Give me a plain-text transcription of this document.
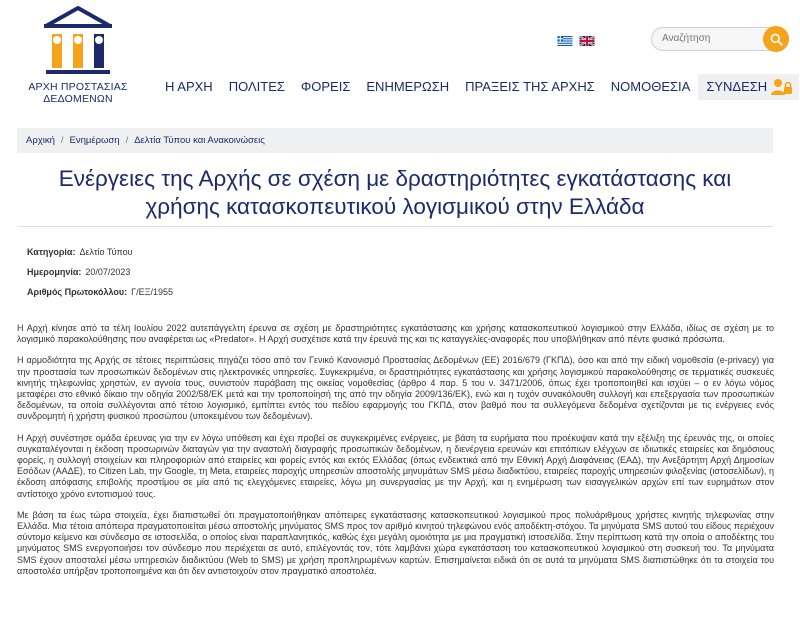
ΑΡΧΗ ΠΡΟΣΤΑΣΙΑΣ
ΔΕΔΟΜΕΝΩΝ
Αναζήτηση
Η ΑΡΧΗ	ΠΟΛΙΤΕΣ	ΦΟΡΕΙΣ	ΕΝΗΜΕΡΩΣΗ	ΠΡΑΞΕΙΣ ΤΗΣ ΑΡΧΗΣ	ΝΟΜΟΘΕΣΙΑ	ΣΥΝΔΕΣΗ
Αρχική / Ενημέρωση / Δελτία Τύπου και Ανακοινώσεις
Ενέργειες της Αρχής σε σχέση με δραστηριότητες εγκατάστασης και
χρήσης κατασκοπευτικού λογισμικού στην Ελλάδα
Κατηγορία: Δελτίο Τύπου
Ημερομηνία: 20/07/2023
Αριθμός Πρωτοκόλλου: Γ/ΕΞ/1955

Η Αρχή κίνησε από τα τέλη Ιουλίου 2022 αυτεπάγγελτη έρευνα σε σχέση με δραστηριότητες εγκατάστασης και χρήσης κατασκοπευτικού λογισμικού στην Ελλάδα, ιδίως σε σχέση με το λογισμικό παρακολούθησης που αναφέρεται ως «Predator». Η Αρχή συσχέτισε κατά την έρευνά της και τις καταγγελίες-αναφορές που υποβλήθηκαν από πέντε φυσικά πρόσωπα.

Η αρμοδιότητα της Αρχής σε τέτοιες περιπτώσεις πηγάζει τόσο από τον Γενικό Κανονισμό Προστασίας Δεδομένων (ΕΕ) 2016/679 (ΓΚΠΔ), όσο και από την ειδική νομοθεσία (e-privacy) για την προστασία των προσωπικών δεδομένων στις ηλεκτρονικές υπηρεσίες. Συγκεκριμένα, οι δραστηριότητες εγκατάστασης και χρήσης λογισμικού παρακολούθησης σε τερματικές συσκευές κινητής τηλεφωνίας χρηστών, εν αγνοία τους, συνιστούν παράβαση της οικείας νομοθεσίας (άρθρο 4 παρ. 5 του ν. 3471/2006, όπως έχει τροποποιηθεί και ισχύει – ο εν λόγω νόμος μεταφέρει στο εθνικό δίκαιο την οδηγία 2002/58/ΕΚ μετά και την τροποποίησή της από την οδηγία 2009/136/ΕΚ), ενώ και η τυχόν συνακόλουθη συλλογή και επεξεργασία των προσωπικών δεδομένων, τα οποία συλλέγονται από τέτοιο λογισμικό, εμπίπτει εντός του πεδίου εφαρμογής του ΓΚΠΔ, στον βαθμό που τα συλλεγόμενα δεδομένα σχετίζονται με τις ενέργειες ενός συνδρομητή ή χρήστη φυσικού προσώπου (υποκειμένου των δεδομένων).

Η Αρχή συνέστησε ομάδα έρευνας για την εν λόγω υπόθεση και έχει προβεί σε συγκεκριμένες ενέργειες, με βάση τα ευρήματα που προέκυψαν κατά την εξέλιξη της έρευνάς της, οι οποίες συγκαταλέγονται η έκδοση προσωρινών διαταγών για την αναστολή διαγραφής προσωπικών δεδομένων, η διενέργεια ερευνών και επιτόπιων ελέγχων σε ιδιωτικές εταιρείες και δημόσιους φορείς, η συλλογή στοιχείων και πληροφοριών από εταιρείες και φορείς εντός και εκτός Ελλάδας (όπως ενδεικτικά από την Εθνική Αρχή Διαφάνειας (ΕΑΔ), την Ανεξάρτητη Αρχή Δημοσίων Εσόδων (ΑΑΔΕ), το Citizen Lab, την Google, τη Meta, εταιρείες παροχής υπηρεσιών αποστολής μηνυμάτων SMS μέσω διαδικτύου, εταιρείες παροχής υπηρεσιών φιλοξενίας (ιστοσελίδων), η έκδοση απόφασης επιβολής προστίμου σε μία από τις ελεγχόμενες εταιρείες, λόγω μη συνεργασίας με την Αρχή, και η ενημέρωση των εισαγγελικών αρχών επί των ευρημάτων στον αντίστοιχο χρόνο εντοπισμού τους.

Με βάση τα έως τώρα στοιχεία, έχει διαπιστωθεί ότι πραγματοποιήθηκαν απόπειρες εγκατάστασης κατασκοπευτικού λογισμικού προς πολυάριθμους χρήστες κινητής τηλεφωνίας στην Ελλάδα. Μια τέτοια απόπειρα πραγματοποιείται μέσω αποστολής μηνύματος SMS προς τον αριθμό κινητού τηλεφώνου ενός αποδέκτη-στόχου. Τα μηνύματα SMS αυτού του είδους περιέχουν σύντομο κείμενο και σύνδεσμο σε ιστοσελίδα, ο οποίος είναι παραπλανητικός, καθώς έχει μεγάλη ομοιότητα με μια πραγματική ιστοσελίδα. Στην περίπτωση κατά την οποία ο αποδέκτης του μηνύματος SMS ενεργοποιήσει τον σύνδεσμο που περιέχεται σε αυτό, επιλέγοντάς τον, τότε λαμβάνει χώρα εγκατάσταση του κατασκοπευτικού λογισμικού στη συσκευή του. Τα μηνύματα SMS έχουν αποσταλεί μέσω υπηρεσιών διαδικτύου (Web to SMS) με χρήση προπληρωμένων καρτών. Επισημαίνεται ειδικά ότι σε αυτά τα μηνύματα SMS διαπιστώθηκε ότι τα στοιχεία του αποστολέα υπήρξαν τροποποιημένα και ότι δεν αντιστοιχούν στον πραγματικό αποστολέα.
